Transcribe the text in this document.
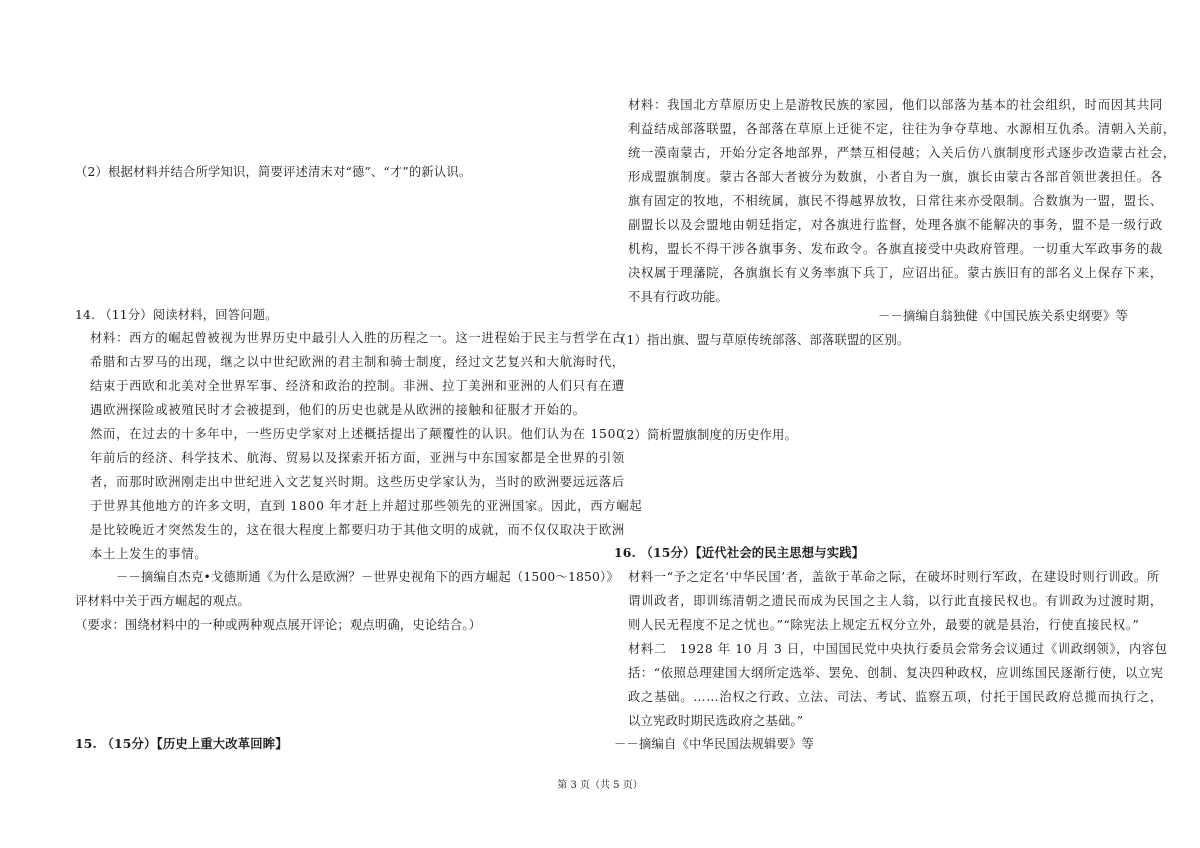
（2）根据材料并结合所学知识，简要评述清末对“德”、“才”的新认识。
14. （11分）阅读材料，回答问题。
材料：西方的崛起曾被视为世界历史中最引人入胜的历程之一。这一进程始于民主与哲学在古
希腊和古罗马的出现，继之以中世纪欧洲的君主制和骑士制度，经过文艺复兴和大航海时代，
结束于西欧和北美对全世界军事、经济和政治的控制。非洲、拉丁美洲和亚洲的人们只有在遭
遇欧洲探险或被殖民时才会被提到，他们的历史也就是从欧洲的接触和征服才开始的。
然而，在过去的十多年中，一些历史学家对上述概括提出了颠覆性的认识。他们认为在 1500
年前后的经济、科学技术、航海、贸易以及探索开拓方面，亚洲与中东国家都是全世界的引领
者，而那时欧洲刚走出中世纪进入文艺复兴时期。这些历史学家认为，当时的欧洲要远远落后
于世界其他地方的许多文明，直到 1800 年才赶上并超过那些领先的亚洲国家。因此，西方崛起
是比较晚近才突然发生的，这在很大程度上都要归功于其他文明的成就，而不仅仅取决于欧洲
本土上发生的事情。
－－摘编自杰克•戈德斯通《为什么是欧洲？－世界史视角下的西方崛起（1500～1850）》
评材料中关于西方崛起的观点。
（要求：围绕材料中的一种或两种观点展开评论；观点明确，史论结合。）
15. （15分）【历史上重大改革回眸】
材料：我国北方草原历史上是游牧民族的家园，他们以部落为基本的社会组织，时而因其共同
利益结成部落联盟，各部落在草原上迁徙不定，往往为争夺草地、水源相互仇杀。清朝入关前，
统一漠南蒙古，开始分定各地部界，严禁互相侵越；入关后仿八旗制度形式逐步改造蒙古社会，
形成盟旗制度。蒙古各部大者被分为数旗，小者自为一旗，旗长由蒙古各部首领世袭担任。各
旗有固定的牧地，不相统属，旗民不得越界放牧，日常往来亦受限制。合数旗为一盟，盟长、
副盟长以及会盟地由朝廷指定，对各旗进行监督，处理各旗不能解决的事务，盟不是一级行政
机构，盟长不得干涉各旗事务、发布政令。各旗直接受中央政府管理。一切重大军政事务的裁
决权属于理藩院，各旗旗长有义务率旗下兵丁，应诏出征。蒙古族旧有的部名义上保存下来，
不具有行政功能。
－－摘编自翁独健《中国民族关系史纲要》等
（1）指出旗、盟与草原传统部落、部落联盟的区别。
（2）简析盟旗制度的历史作用。
16. （15分）【近代社会的民主思想与实践】
材料一“予之定名‘中华民国’者，盖欲于革命之际，在破坏时则行军政，在建设时则行训政。所
谓训政者，即训练清朝之遗民而成为民国之主人翁，以行此直接民权也。有训政为过渡时期，
则人民无程度不足之忧也。”“除宪法上规定五权分立外，最要的就是县治，行使直接民权。”
材料二　1928 年 10 月 3 日，中国国民党中央执行委员会常务会议通过《训政纲领》，内容包
括：“依照总理建国大纲所定选举、罢免、创制、复决四种政权，应训练国民逐渐行使，以立宪
政之基础。……治权之行政、立法、司法、考试、监察五项，付托于国民政府总揽而执行之，
以立宪政时期民选政府之基础。”
－－摘编自《中华民国法规辑要》等
第 3 页（共 5 页）
